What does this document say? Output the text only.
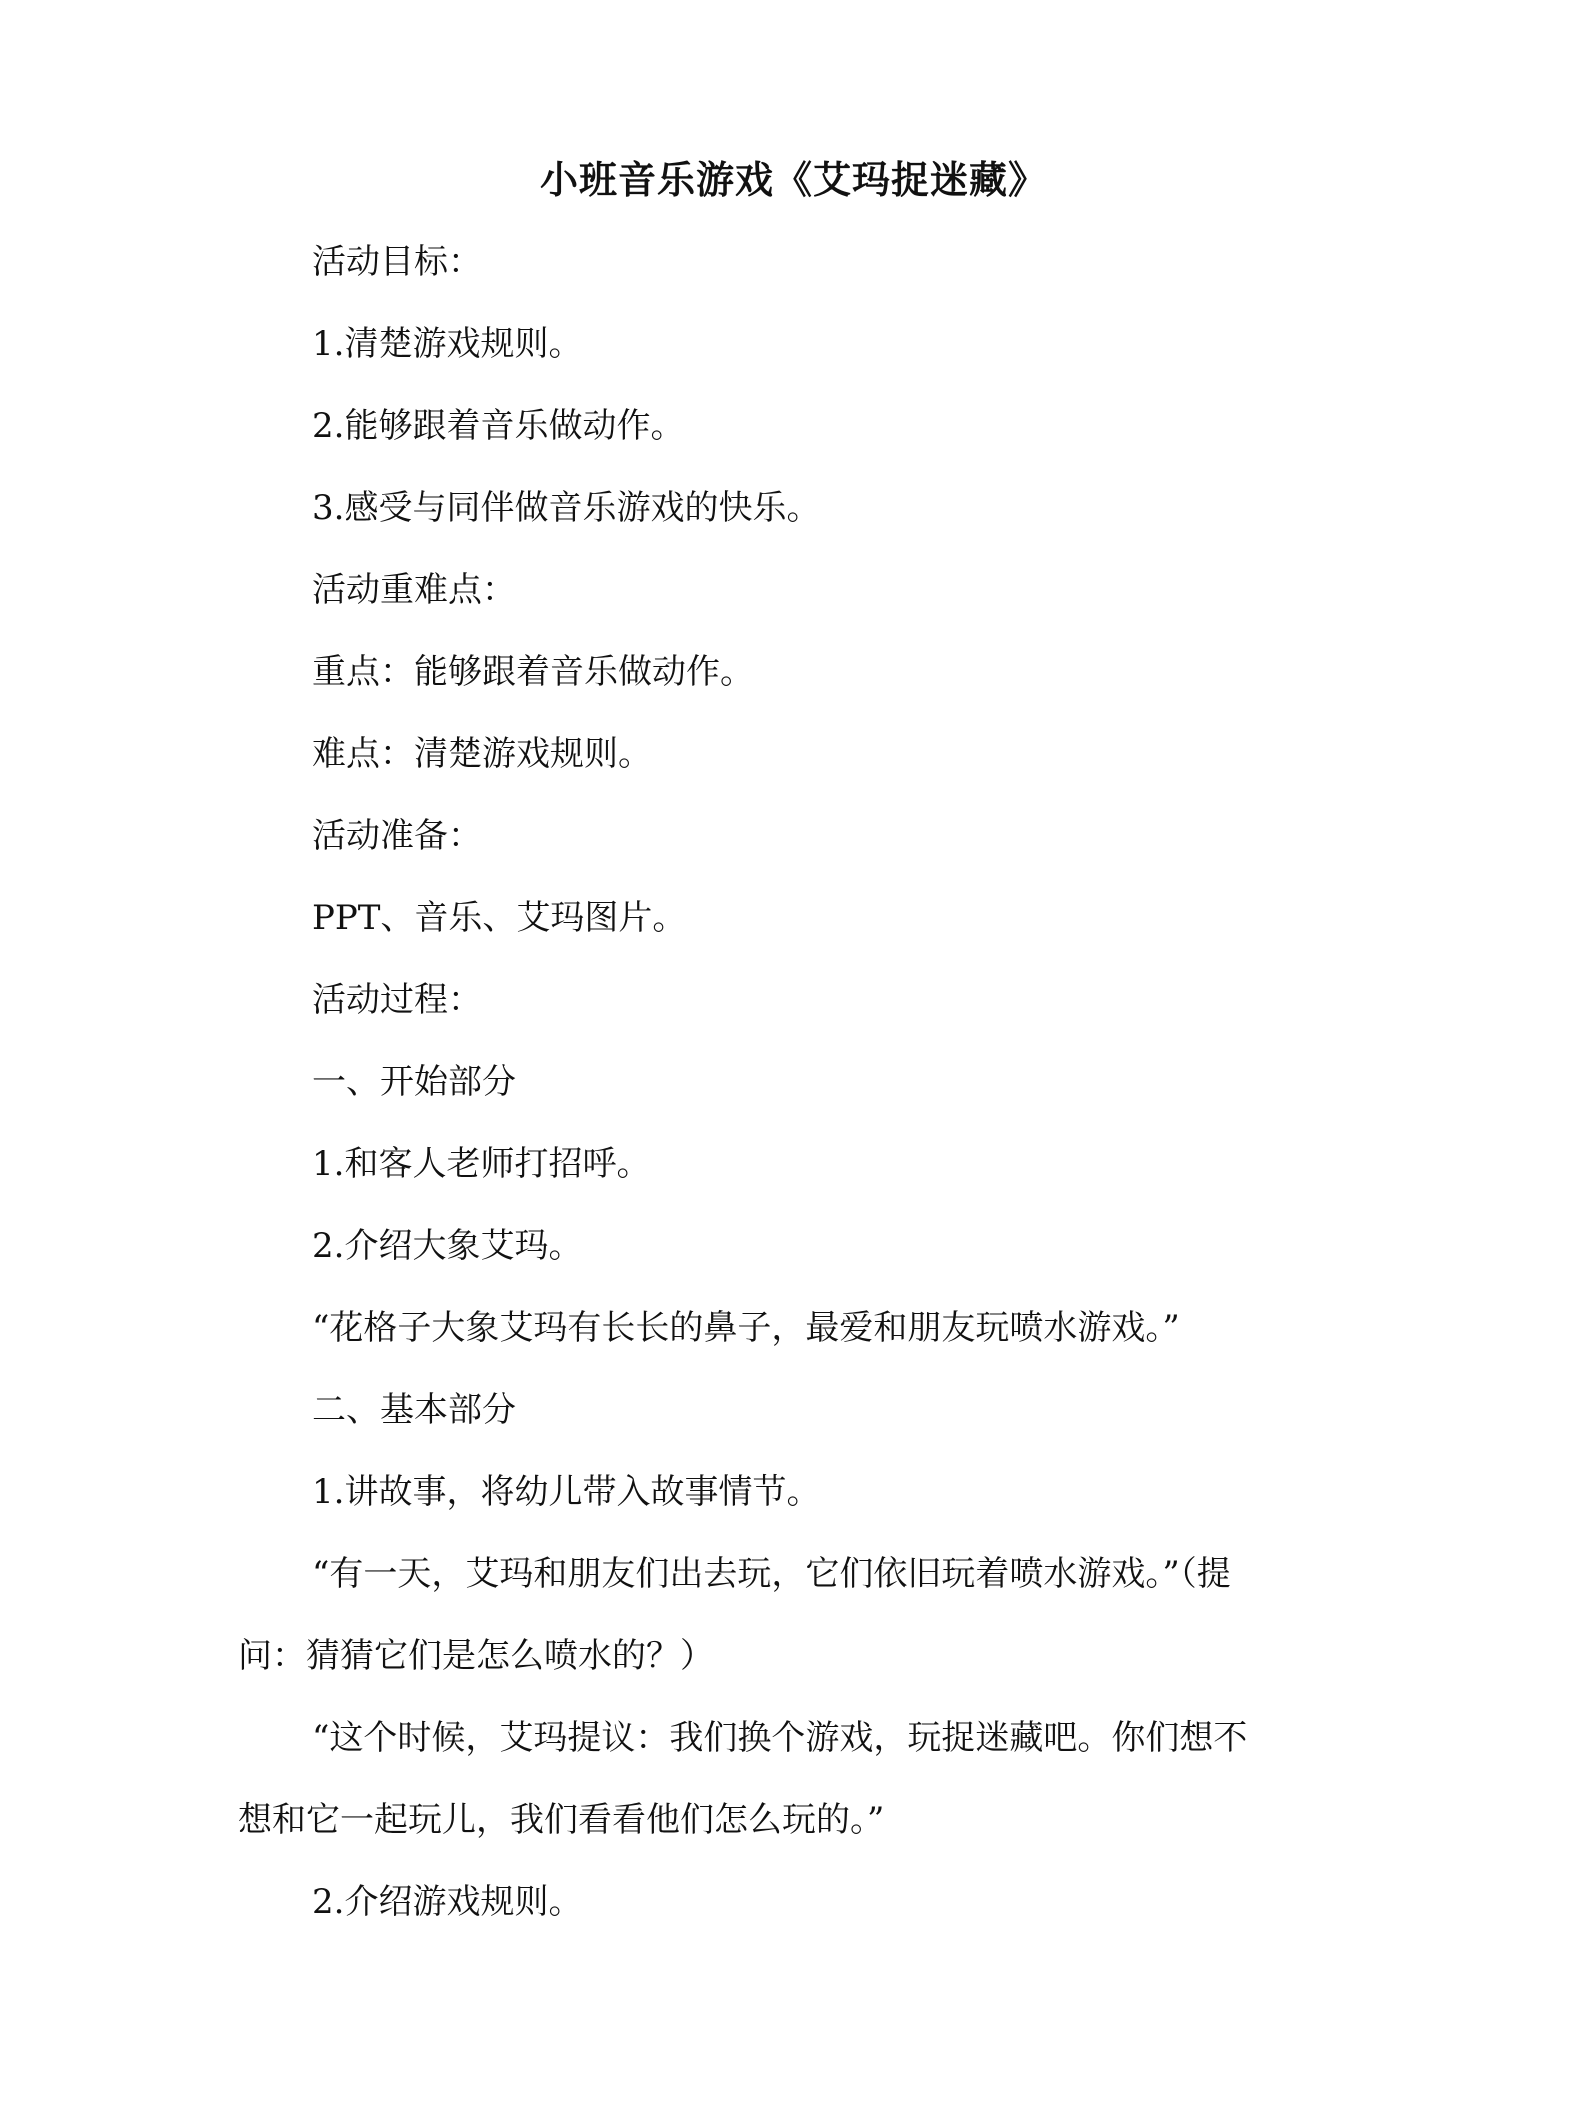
小班音乐游戏《艾玛捉迷藏》
活动目标：
1.清楚游戏规则。
2.能够跟着音乐做动作。
3.感受与同伴做音乐游戏的快乐。
活动重难点：
重点：能够跟着音乐做动作。
难点：清楚游戏规则。
活动准备：
PPT、音乐、艾玛图片。
活动过程：
一、开始部分
1.和客人老师打招呼。
2.介绍大象艾玛。
“花格子大象艾玛有长长的鼻子，最爱和朋友玩喷水游戏。”
二、基本部分
1.讲故事，将幼儿带入故事情节。
“有一天，艾玛和朋友们出去玩，它们依旧玩着喷水游戏。”（提
问：猜猜它们是怎么喷水的？）
“这个时候，艾玛提议：我们换个游戏，玩捉迷藏吧。你们想不
想和它一起玩儿，我们看看他们怎么玩的。”
2.介绍游戏规则。
